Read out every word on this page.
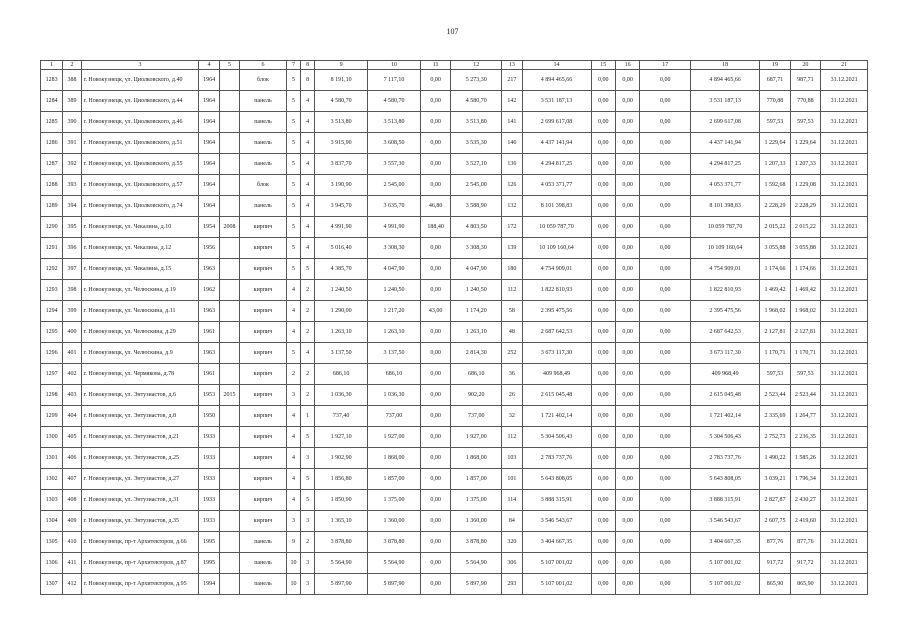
107
1	2	3	4	5	6	7	8	9	10	11	12	13	14	15	16	17	18	19	20	21
1283	388	г. Новокузнецк, ул. Циолковского, д.40	1964		блок	5	8	8 191,10	7 117,10	0,00	5 273,30	217	4 894 465,66	0,00	0,00	0,00	4 894 465,66	687,71	987,71	31.12.2021
1284	389	г. Новокузнецк, ул. Циолковского, д.44	1964		панель	5	4	4 580,70	4 580,70	0,00	4 580,70	142	3 531 187,13	0,00	0,00	0,00	3 531 187,13	770,88	770,88	31.12.2021
1285	390	г. Новокузнецк, ул. Циолковского, д.46	1964		панель	5	4	3 513,80	3 513,80	0,00	3 513,80	141	2 699 617,08	0,00	0,00	0,00	2 699 617,08	597,53	597,53	31.12.2021
1286	391	г. Новокузнецк, ул. Циолковского, д.51	1964		панель	5	4	3 915,90	3 608,50	0,00	3 535,30	146	4 437 141,94	0,00	0,00	0,00	4 437 141,94	1 229,64	1 229,64	31.12.2021
1287	392	г. Новокузнецк, ул. Циолковского, д.55	1964		панель	5	4	3 837,70	3 557,30	0,00	3 527,10	136	4 294 817,25	0,00	0,00	0,00	4 294 817,25	1 207,33	1 207,33	31.12.2021
1288	393	г. Новокузнецк, ул. Циолковского, д.57	1964		блок	5	4	3 190,90	2 545,00	0,00	2 545,00	126	4 053 371,77	0,00	0,00	0,00	4 053 371,77	1 592,68	1 229,08	31.12.2021
1289	394	г. Новокузнецк, ул. Циолковского, д.74	1964		панель	5	4	3 945,70	3 635,70	46,80	3 588,90	132	8 101 398,83	0,00	0,00	0,00	8 101 398,83	2 228,29	2 228,29	31.12.2021
1290	395	г. Новокузнецк, ул. Чекалина, д.10	1954	2008	кирпич	5	4	4 991,90	4 991,90	188,40	4 803,50	172	10 059 787,70	0,00	0,00	0,00	10 059 787,70	2 015,22	2 015,22	31.12.2021
1291	396	г. Новокузнецк, ул. Чекалина, д.12	1956		кирпич	5	4	5 016,40	3 308,30	0,00	3 308,30	139	10 109 160,64	0,00	0,00	0,00	10 109 160,64	3 055,88	3 055,88	31.12.2021
1292	397	г. Новокузнецк, ул. Чекалина, д.15	1963		кирпич	5	5	4 385,70	4 047,90	0,00	4 047,90	180	4 754 909,01	0,00	0,00	0,00	4 754 909,01	1 174,66	1 174,66	31.12.2021
1293	398	г. Новокузнецк, ул. Челюскина, д.19	1962		кирпич	4	2	1 240,50	1 240,50	0,00	1 240,50	112	1 822 810,93	0,00	0,00	0,00	1 822 810,93	1 469,42	1 469,42	31.12.2021
1294	399	г. Новокузнецк, ул. Челюскина, д.11	1963		кирпич	4	2	1 290,00	1 217,20	43,00	1 174,20	58	2 395 475,56	0,00	0,00	0,00	2 395 475,56	1 968,02	1 968,02	31.12.2021
1295	400	г. Новокузнецк, ул. Челюскина, д.29	1961		кирпич	4	2	1 263,10	1 263,10	0,00	1 263,10	48	2 687 642,53	0,00	0,00	0,00	2 687 642,53	2 127,81	2 127,81	31.12.2021
1296	401	г. Новокузнецк, ул. Челюскина, д.9	1963		кирпич	5	4	3 137,50	3 137,50	0,00	2 814,30	252	3 673 117,30	0,00	0,00	0,00	3 673 117,30	1 170,71	1 170,71	31.12.2021
1297	402	г. Новокузнецк, ул. Чермякова, д.78	1961		кирпич	2	2	686,10	686,10	0,00	686,10	36	409 968,49	0,00	0,00	0,00	409 968,49	597,53	597,53	31.12.2021
1298	403	г. Новокузнецк, ул. Энтузиастов, д.6	1953	2015	кирпич	3	2	1 036,30	1 036,30	0,00	902,20	26	2 615 045,48	0,00	0,00	0,00	2 615 045,48	2 523,44	2 523,44	31.12.2021
1299	404	г. Новокузнецк, ул. Энтузиастов, д.8	1950		кирпич	4	1	737,40	737,00	0,00	737,00	32	1 721 402,14	0,00	0,00	0,00	1 721 402,14	2 335,69	1 264,77	31.12.2021
1300	405	г. Новокузнецк, ул. Энтузиастов, д.21	1933		кирпич	4	5	1 927,10	1 927,00	0,00	1 927,00	112	5 304 506,43	0,00	0,00	0,00	5 304 506,43	2 752,73	2 236,35	31.12.2021
1301	406	г. Новокузнецк, ул. Энтузиастов, д.25	1933		кирпич	4	3	1 902,90	1 868,00	0,00	1 868,00	103	2 783 737,76	0,00	0,00	0,00	2 783 737,76	1 490,22	1 585,26	31.12.2021
1302	407	г. Новокузнецк, ул. Энтузиастов, д.27	1933		кирпич	4	5	1 856,80	1 857,00	0,00	1 857,00	101	5 643 808,05	0,00	0,00	0,00	5 643 808,05	3 039,21	1 796,34	31.12.2021
1303	408	г. Новокузнецк, ул. Энтузиастов, д.31	1933		кирпич	4	5	1 850,90	1 375,00	0,00	1 375,00	114	3 888 315,91	0,00	0,00	0,00	3 888 315,91	2 827,87	2 430,27	31.12.2021
1304	409	г. Новокузнецк, ул. Энтузиастов, д.35	1933		кирпич	3	3	1 365,10	1 360,00	0,00	1 360,00	84	3 546 543,67	0,00	0,00	0,00	3 546 543,67	2 607,75	2 419,60	31.12.2021
1305	410	г. Новокузнецк, пр-т Архитекторов, д.66	1995		панель	9	2	3 878,80	3 878,80	0,00	3 878,80	320	3 404 667,35	0,00	0,00	0,00	3 404 667,35	877,76	877,76	31.12.2021
1306	411	г. Новокузнецк, пр-т Архитекторов, д.87	1995		панель	10	3	5 564,90	5 564,90	0,00	5 564,90	306	5 107 001,02	0,00	0,00	0,00	5 107 001,02	917,72	917,72	31.12.2021
1307	412	г. Новокузнецк, пр-т Архитекторов, д.95	1994		панель	10	3	5 897,90	5 897,90	0,00	5 897,90	293	5 107 001,02	0,00	0,00	0,00	5 107 001,02	865,90	865,90	31.12.2021
